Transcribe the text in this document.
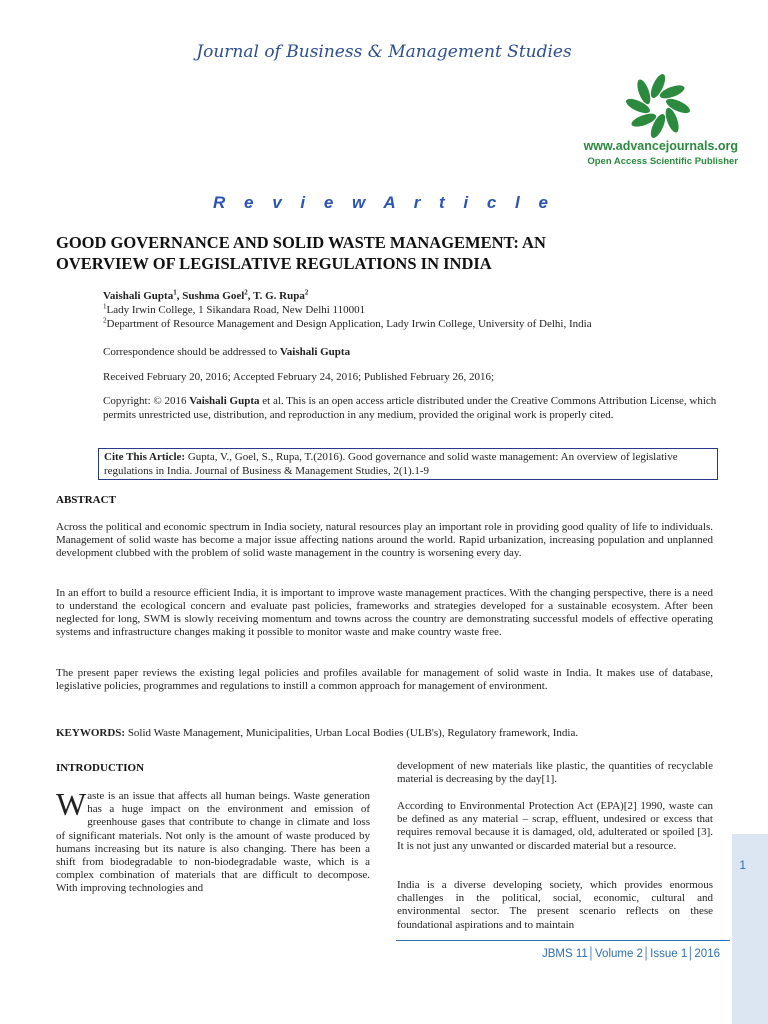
Journal of Business & Management Studies
www.advancejournals.org
Open Access Scientific Publisher
R e v i e w A r t i c l e
GOOD GOVERNANCE AND SOLID WASTE MANAGEMENT: AN
OVERVIEW OF LEGISLATIVE REGULATIONS IN INDIA
Vaishali Gupta$^1$, Sushma Goel$^2$, T. G. Rupa$^2$
$^1$Lady Irwin College, 1 Sikandara Road, New Delhi 110001
$^2$Department of Resource Management and Design Application, Lady Irwin College, University of Delhi, India
Correspondence should be addressed to Vaishali Gupta
Received February 20, 2016; Accepted February 24, 2016; Published February 26, 2016;
Copyright: © 2016 Vaishali Gupta et al. This is an open access article distributed under the Creative Commons Attribution License, which permits unrestricted use, distribution, and reproduction in any medium, provided the original work is properly cited.
Cite This Article: Gupta, V., Goel, S., Rupa, T.(2016). Good governance and solid waste management: An overview of legislative regulations in India. Journal of Business & Management Studies, 2(1).1-9
ABSTRACT
Across the political and economic spectrum in India society, natural resources play an important role in providing good quality of life to individuals. Management of solid waste has become a major issue affecting nations around the world. Rapid urbanization, increasing population and unplanned development clubbed with the problem of solid waste management in the country is worsening every day.
In an effort to build a resource efficient India, it is important to improve waste management practices. With the changing perspective, there is a need to understand the ecological concern and evaluate past policies, frameworks and strategies developed for a sustainable ecosystem. After been neglected for long, SWM is slowly receiving momentum and towns across the country are demonstrating successful models of effective operating systems and infrastructure changes making it possible to monitor waste and make country waste free.
The present paper reviews the existing legal policies and profiles available for management of solid waste in India. It makes use of database, legislative policies, programmes and regulations to instill a common approach for management of environment.
KEYWORDS: Solid Waste Management, Municipalities, Urban Local Bodies (ULB's), Regulatory framework, India.
INTRODUCTION
Waste is an issue that affects all human beings. Waste generation has a huge impact on the environment and emission of greenhouse gases that contribute to change in climate and loss of significant materials. Not only is the amount of waste produced by humans increasing but its nature is also changing. There has been a shift from biodegradable to non-biodegradable waste, which is a complex combination of materials that are difficult to decompose. With improving technologies and
development of new materials like plastic, the quantities of recyclable material is decreasing by the day[1].
According to Environmental Protection Act (EPA)[2] 1990, waste can be defined as any material – scrap, effluent, undesired or excess that requires removal because it is damaged, old, adulterated or spoiled [3]. It is not just any unwanted or discarded material but a resource.
India is a diverse developing society, which provides enormous challenges in the political, social, economic, cultural and environmental sector. The present scenario reflects on these foundational aspirations and to maintain
1
JBMS 11│Volume 2│Issue 1│2016
